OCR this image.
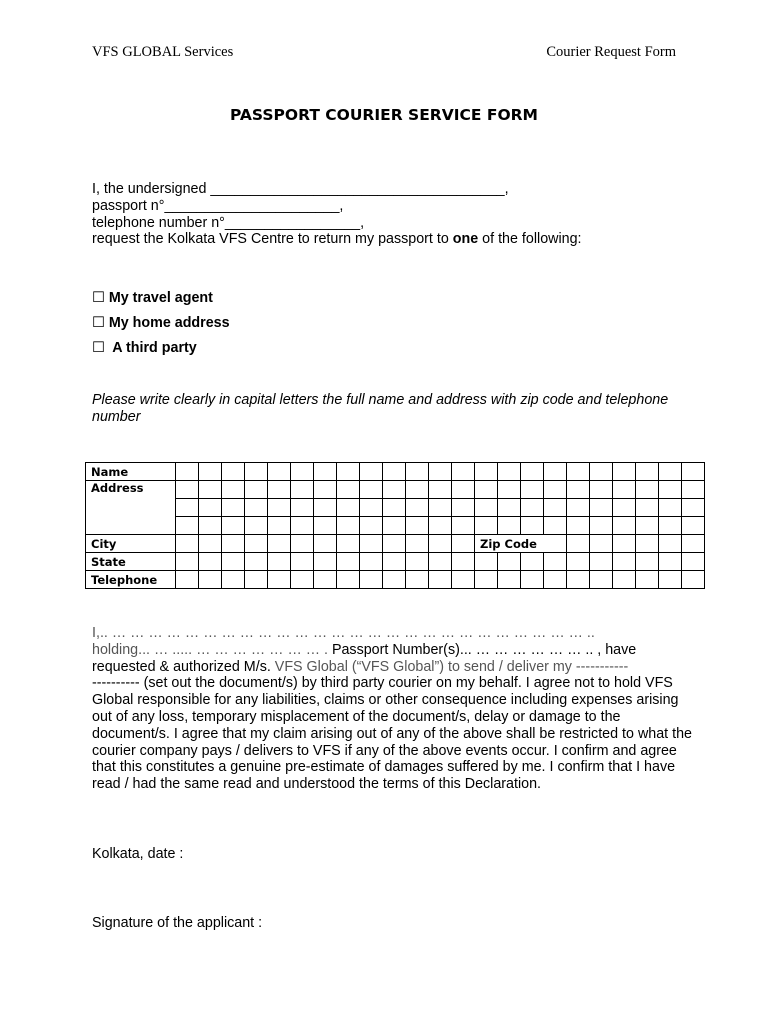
VFS GLOBAL Services	Courier Request Form
PASSPORT COURIER SERVICE FORM
I, the undersigned _____________________________________,
passport n°______________________,
telephone number n°_________________,
request the Kolkata VFS Centre to return my passport to one of the following:
☐ My travel agent
☐ My home address
☐  A third party
Please write clearly in capital letters the full name and address with zip code and telephone number
Name																							
Address																							

City														Zip Code									
State																							
Telephone																							
I,.. … … … … … … … … … … … … … … … … … … … … … … … … … … ..
holding... … ..... … … … … … … … . Passport Number(s)... … … … … … … .. , have
requested & authorized M/s. VFS Global (“VFS Global”) to send / deliver my -----------
---------- (set out the document/s) by third party courier on my behalf. I agree not to hold VFS Global responsible for any liabilities, claims or other consequence including expenses arising out of any loss, temporary misplacement of the document/s, delay or damage to the document/s. I agree that my claim arising out of any of the above shall be restricted to what the courier company pays / delivers to VFS if any of the above events occur. I confirm and agree that this constitutes a genuine pre-estimate of damages suffered by me. I confirm that I have read / had the same read and understood the terms of this Declaration.
Kolkata, date :
Signature of the applicant :
